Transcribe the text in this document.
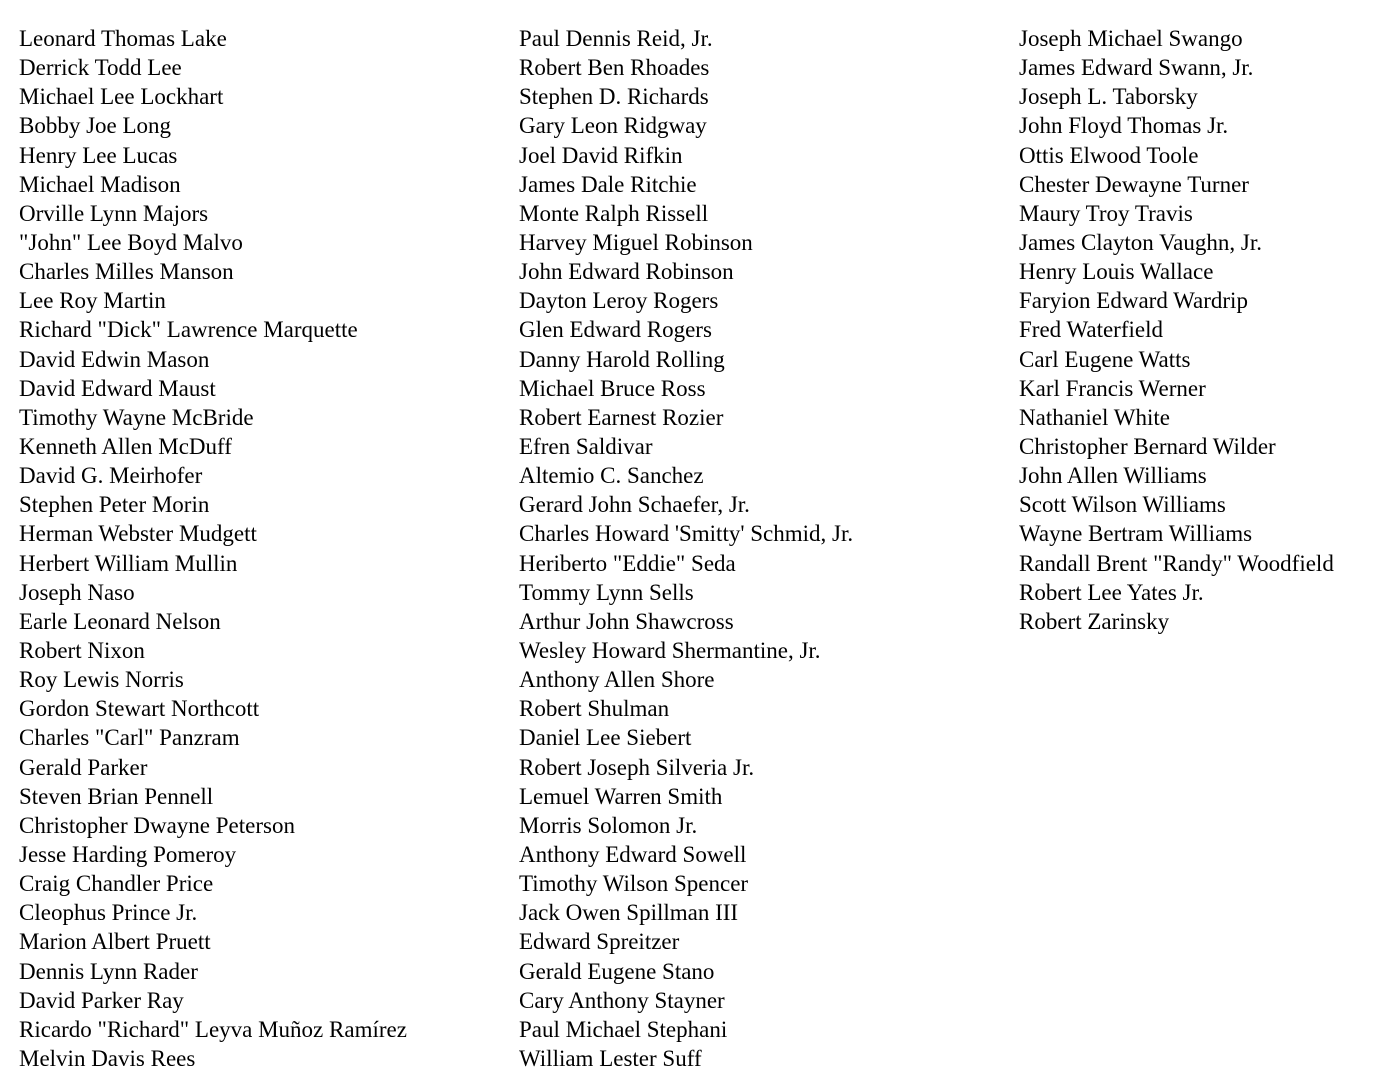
Leonard Thomas Lake
Derrick Todd Lee
Michael Lee Lockhart
Bobby Joe Long
Henry Lee Lucas
Michael Madison
Orville Lynn Majors
"John" Lee Boyd Malvo
Charles Milles Manson
Lee Roy Martin
Richard "Dick" Lawrence Marquette
David Edwin Mason
David Edward Maust
Timothy Wayne McBride
Kenneth Allen McDuff
David G. Meirhofer
Stephen Peter Morin
Herman Webster Mudgett
Herbert William Mullin
Joseph Naso
Earle Leonard Nelson
Robert Nixon
Roy Lewis Norris
Gordon Stewart Northcott
Charles "Carl" Panzram
Gerald Parker
Steven Brian Pennell
Christopher Dwayne Peterson
Jesse Harding Pomeroy
Craig Chandler Price
Cleophus Prince Jr.
Marion Albert Pruett
Dennis Lynn Rader
David Parker Ray
Ricardo "Richard" Leyva Muñoz Ramírez
Melvin Davis Rees
Paul Dennis Reid, Jr.
Robert Ben Rhoades
Stephen D. Richards
Gary Leon Ridgway
Joel David Rifkin
James Dale Ritchie
Monte Ralph Rissell
Harvey Miguel Robinson
John Edward Robinson
Dayton Leroy Rogers
Glen Edward Rogers
Danny Harold Rolling
Michael Bruce Ross
Robert Earnest Rozier
Efren Saldivar
Altemio C. Sanchez
Gerard John Schaefer, Jr.
Charles Howard 'Smitty' Schmid, Jr.
Heriberto "Eddie" Seda
Tommy Lynn Sells
Arthur John Shawcross
Wesley Howard Shermantine, Jr.
Anthony Allen Shore
Robert Shulman
Daniel Lee Siebert
Robert Joseph Silveria Jr.
Lemuel Warren Smith
Morris Solomon Jr.
Anthony Edward Sowell
Timothy Wilson Spencer
Jack Owen Spillman III
Edward Spreitzer
Gerald Eugene Stano
Cary Anthony Stayner
Paul Michael Stephani
William Lester Suff
Joseph Michael Swango
James Edward Swann, Jr.
Joseph L. Taborsky
John Floyd Thomas Jr.
Ottis Elwood Toole
Chester Dewayne Turner
Maury Troy Travis
James Clayton Vaughn, Jr.
Henry Louis Wallace
Faryion Edward Wardrip
Fred Waterfield
Carl Eugene Watts
Karl Francis Werner
Nathaniel White
Christopher Bernard Wilder
John Allen Williams
Scott Wilson Williams
Wayne Bertram Williams
Randall Brent "Randy" Woodfield
Robert Lee Yates Jr.
Robert Zarinsky
